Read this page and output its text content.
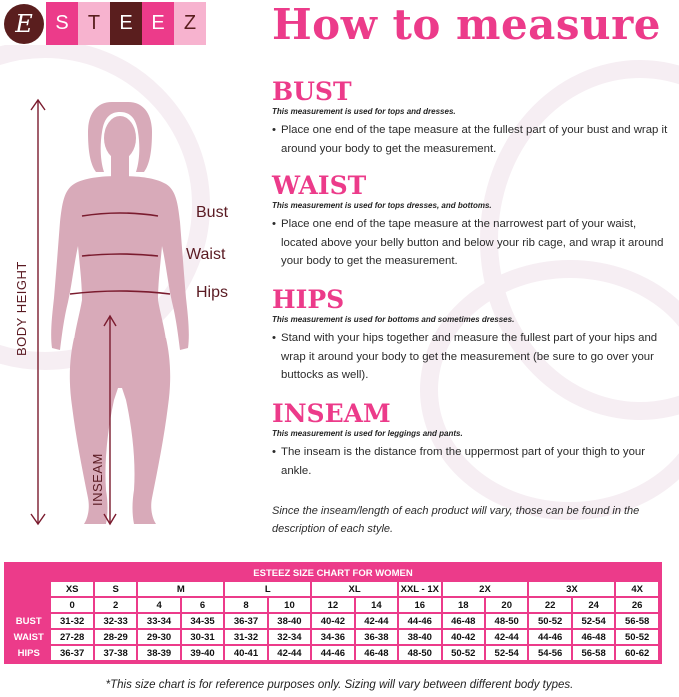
E	S T E E Z How to measure
Bust
Waist
Hips
BODY HEIGHT
INSEAM
BUST
This measurement is used for tops and dresses.
• Place one end of the tape measure at the fullest part of your bust and wrap it around your body to get the measurement.
WAIST
This measurement is used for tops dresses, and bottoms.
• Place one end of the tape measure at the narrowest part of your waist, located above your belly button and below your rib cage, and wrap it around your body to get the measurement.
HIPS
This measurement is used for bottoms and sometimes dresses.
• Stand with your hips together and measure the fullest part of your hips and wrap it around your body to get the measurement (be sure to go over your buttocks as well).
INSEAM
This measurement is used for leggings and pants.
• The inseam is the distance from the uppermost part of your thigh to your ankle.
Since the inseam/length of each product will vary, those can be found in the description of each style.
ESTEEZ SIZE CHART FOR WOMEN														
	XS	S	M		L		XL		XXL - 1X	2X		3X		4X
	0	2	4	6	8	10	12	14	16	18	20	22	24	26
BUST	31-32	32-33	33-34	34-35	36-37	38-40	40-42	42-44	44-46	46-48	48-50	50-52	52-54	56-58
WAIST	27-28	28-29	29-30	30-31	31-32	32-34	34-36	36-38	38-40	40-42	42-44	44-46	46-48	50-52
HIPS	36-37	37-38	38-39	39-40	40-41	42-44	44-46	46-48	48-50	50-52	52-54	54-56	56-58	60-62
*This size chart is for reference purposes only. Sizing will vary between different body types.
